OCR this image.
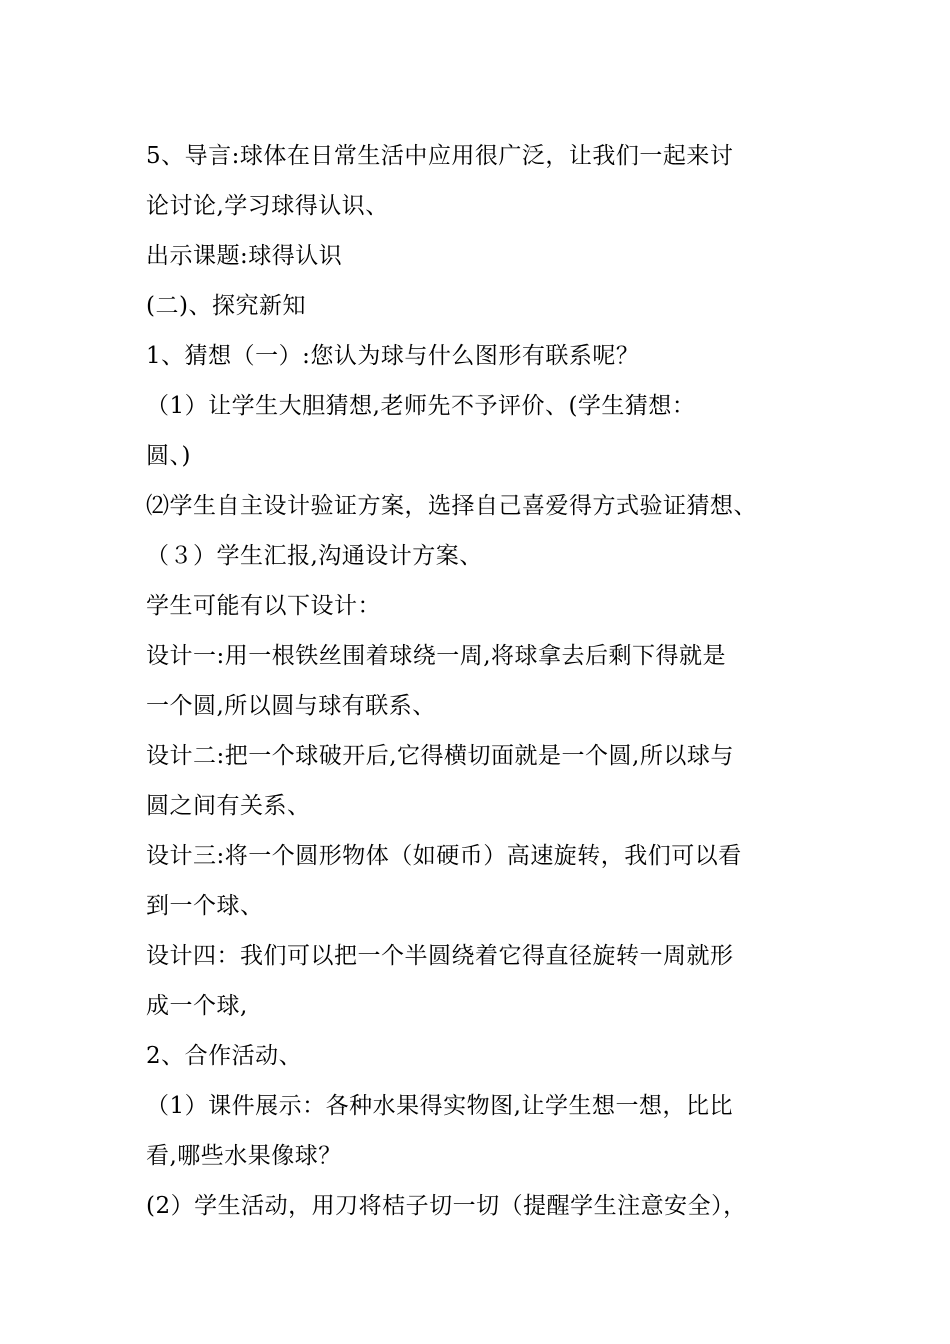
5、导言:球体在日常生活中应用很广泛，让我们一起来讨
论讨论,学习球得认识、
出示课题:球得认识
(二)、探究新知
1、猜想（一）:您认为球与什么图形有联系呢？
（1）让学生大胆猜想,老师先不予评价、(学生猜想：
圆、)
⑵学生自主设计验证方案，选择自己喜爱得方式验证猜想、
（３）学生汇报,沟通设计方案、
学生可能有以下设计：
设计一:用一根铁丝围着球绕一周,将球拿去后剩下得就是
一个圆,所以圆与球有联系、
设计二:把一个球破开后,它得横切面就是一个圆,所以球与
圆之间有关系、
设计三:将一个圆形物体（如硬币）高速旋转，我们可以看
到一个球、
设计四：我们可以把一个半圆绕着它得直径旋转一周就形
成一个球,
2、合作活动、
（1）课件展示：各种水果得实物图,让学生想一想，比比
看,哪些水果像球？
(2）学生活动，用刀将桔子切一切（提醒学生注意安全），
